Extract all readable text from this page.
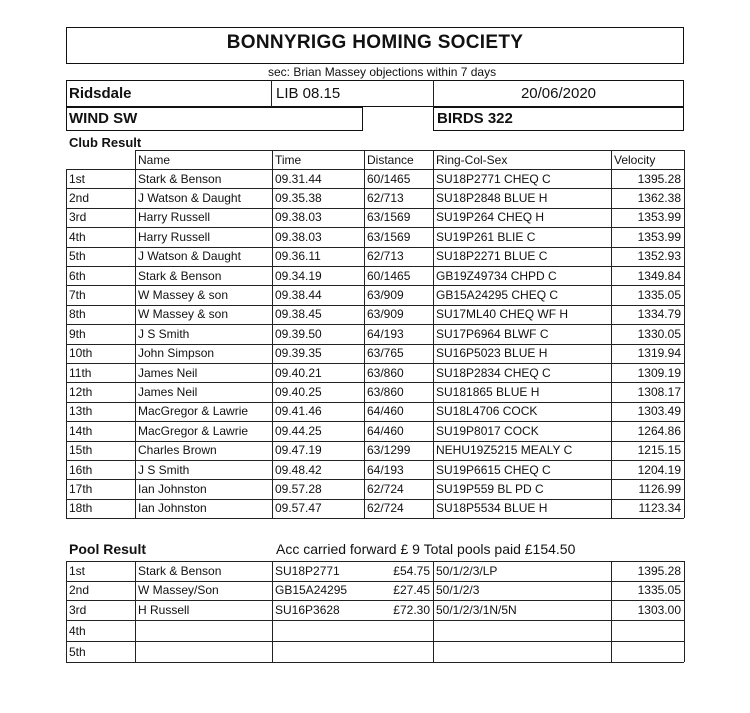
BONNYRIGG HOMING SOCIETY
sec: Brian Massey objections within 7 days
Ridsdale	LIB 08.15	20/06/2020
WIND SW	BIRDS 322
Club Result
Name	Time	Distance Ring-Col-Sex	Velocity
1st	Stark & Benson	09.31.44	60/1465 SU18P2771 CHEQ C	1395.28
2nd	J Watson & Daught	09.35.38	62/713	SU18P2848 BLUE H	1362.38
3rd	Harry Russell	09.38.03	63/1569 SU19P264 CHEQ H	1353.99
4th	Harry Russell	09.38.03	63/1569 SU19P261 BLIE C	1353.99
5th	J Watson & Daught	09.36.11	62/713	SU18P2271 BLUE C	1352.93
6th	Stark & Benson	09.34.19	60/1465 GB19Z49734 CHPD C	1349.84
7th	W Massey & son	09.38.44	63/909	GB15A24295 CHEQ C	1335.05
8th	W Massey & son	09.38.45	63/909	SU17ML40 CHEQ WF H	1334.79
9th	J S Smith	09.39.50	64/193	SU17P6964 BLWF C	1330.05
10th	John Simpson	09.39.35	63/765	SU16P5023 BLUE H	1319.94
11th	James Neil	09.40.21	63/860	SU18P2834 CHEQ C	1309.19
12th	James Neil	09.40.25	63/860	SU181865 BLUE H	1308.17
13th	MacGregor & Lawrie 09.41.46	64/460	SU18L4706 COCK	1303.49
14th	MacGregor & Lawrie 09.44.25	64/460	SU19P8017 COCK	1264.86
15th	Charles Brown	09.47.19	63/1299 NEHU19Z5215 MEALY C	1215.15
16th	J S Smith	09.48.42	64/193	SU19P6615 CHEQ C	1204.19
17th	Ian Johnston	09.57.28	62/724	SU19P559 BL PD C	1126.99
18th	Ian Johnston	09.57.47	62/724	SU18P5534 BLUE H	1123.34
Pool Result	Acc carried forward £ 9 Total pools paid £154.50
1st	Stark & Benson	SU18P2771	£54.75 50/1/2/3/LP	1395.28
2nd	W Massey/Son	GB15A24295	£27.45 50/1/2/3	1335.05
3rd	H Russell	SU16P3628	£72.30 50/1/2/3/1N/5N	1303.00
4th
5th
